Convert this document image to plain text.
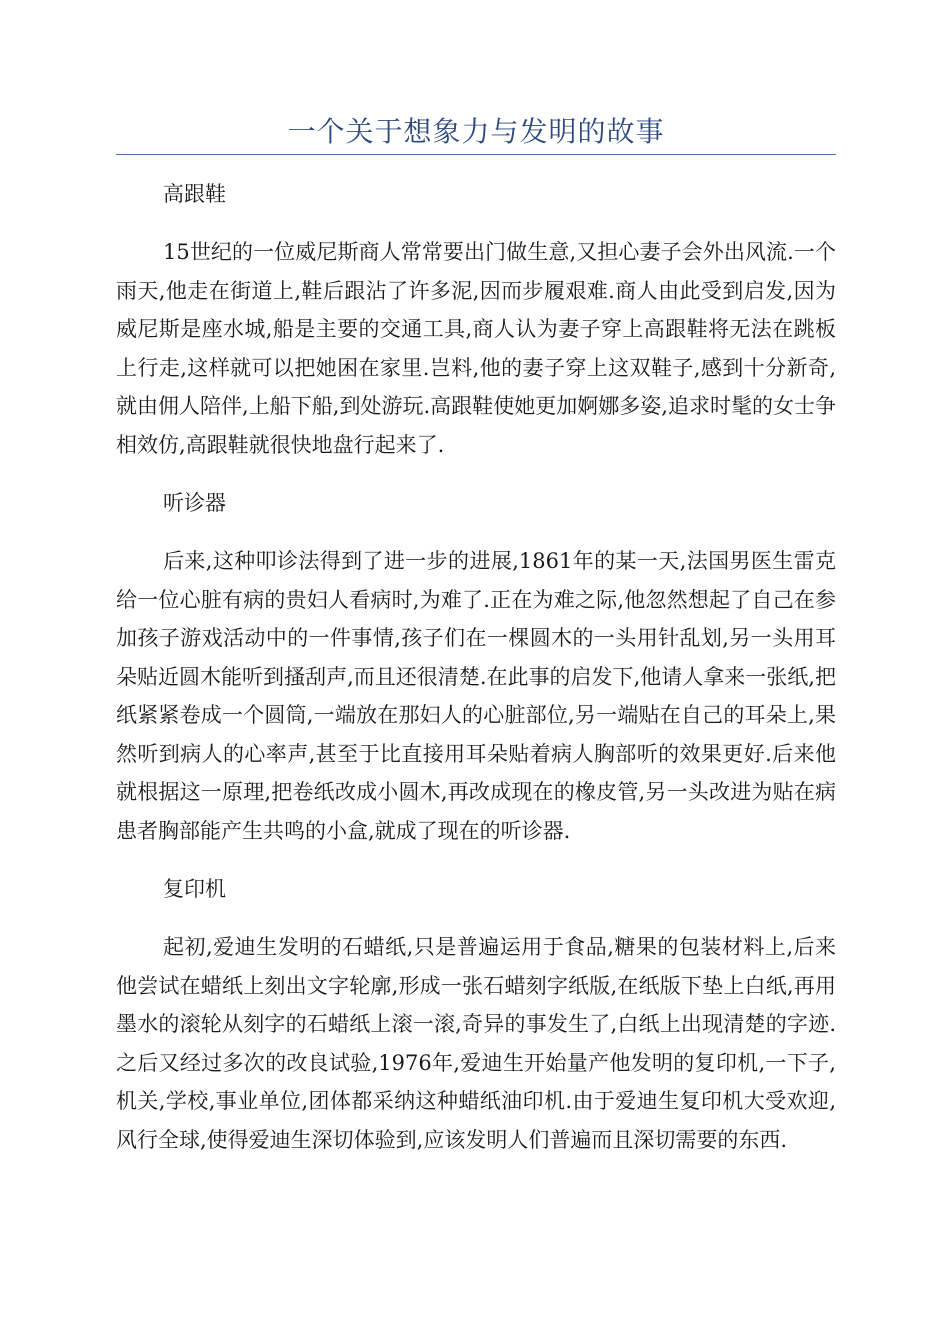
一个关于想象力与发明的故事

高跟鞋

15世纪的一位威尼斯商人常常要出门做生意,又担心妻子会外出风流.一个雨天,他走在街道上,鞋后跟沾了许多泥,因而步履艰难.商人由此受到启发,因为威尼斯是座水城,船是主要的交通工具,商人认为妻子穿上高跟鞋将无法在跳板上行走,这样就可以把她困在家里.岂料,他的妻子穿上这双鞋子,感到十分新奇,就由佣人陪伴,上船下船,到处游玩.高跟鞋使她更加婀娜多姿,追求时髦的女士争相效仿,高跟鞋就很快地盘行起来了.

听诊器

后来,这种叩诊法得到了进一步的进展,1861年的某一天,法国男医生雷克给一位心脏有病的贵妇人看病时,为难了.正在为难之际,他忽然想起了自己在参加孩子游戏活动中的一件事情,孩子们在一棵圆木的一头用针乱划,另一头用耳朵贴近圆木能听到搔刮声,而且还很清楚.在此事的启发下,他请人拿来一张纸,把纸紧紧卷成一个圆筒,一端放在那妇人的心脏部位,另一端贴在自己的耳朵上,果然听到病人的心率声,甚至于比直接用耳朵贴着病人胸部听的效果更好.后来他就根据这一原理,把卷纸改成小圆木,再改成现在的橡皮管,另一头改进为贴在病患者胸部能产生共鸣的小盒,就成了现在的听诊器.

复印机

起初,爱迪生发明的石蜡纸,只是普遍运用于食品,糖果的包装材料上,后来他尝试在蜡纸上刻出文字轮廓,形成一张石蜡刻字纸版,在纸版下垫上白纸,再用墨水的滚轮从刻字的石蜡纸上滚一滚,奇异的事发生了,白纸上出现清楚的字迹.之后又经过多次的改良试验,1976年,爱迪生开始量产他发明的复印机,一下子,机关,学校,事业单位,团体都采纳这种蜡纸油印机.由于爱迪生复印机大受欢迎,风行全球,使得爱迪生深切体验到,应该发明人们普遍而且深切需要的东西.
